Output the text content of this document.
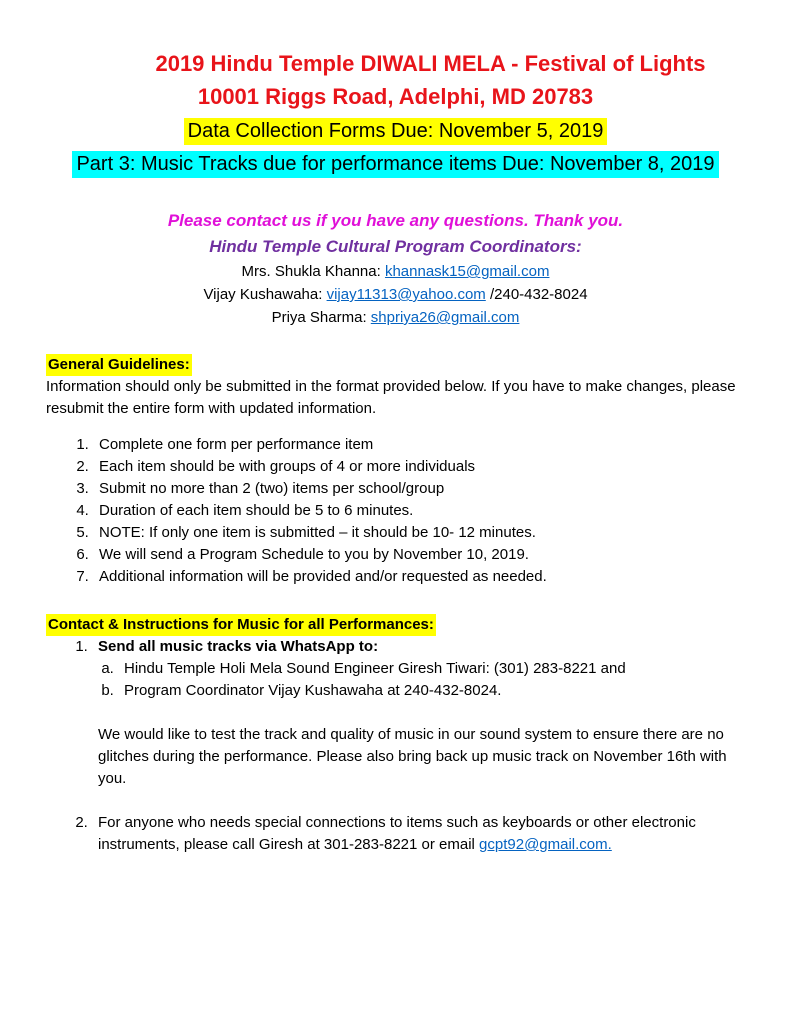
2019 Hindu Temple DIWALI MELA - Festival of Lights
10001 Riggs Road, Adelphi, MD 20783
Data Collection Forms Due: November 5, 2019
Part 3: Music Tracks due for performance items Due: November 8, 2019
Please contact us if you have any questions. Thank you.
Hindu Temple Cultural Program Coordinators:
Mrs. Shukla Khanna: khannask15@gmail.com
Vijay Kushawaha: vijay11313@yahoo.com /240-432-8024
Priya Sharma: shpriya26@gmail.com
General Guidelines:
Information should only be submitted in the format provided below. If you have to make changes, please resubmit the entire form with updated information.
1. Complete one form per performance item
2. Each item should be with groups of 4 or more individuals
3. Submit no more than 2 (two) items per school/group
4. Duration of each item should be 5 to 6 minutes.
5. NOTE: If only one item is submitted – it should be 10- 12 minutes.
6. We will send a Program Schedule to you by November 10, 2019.
7. Additional information will be provided and/or requested as needed.
Contact & Instructions for Music for all Performances:
1. Send all music tracks via WhatsApp to:
a. Hindu Temple Holi Mela Sound Engineer Giresh Tiwari: (301) 283-8221 and
b. Program Coordinator Vijay Kushawaha at 240-432-8024.
We would like to test the track and quality of music in our sound system to ensure there are no glitches during the performance. Please also bring back up music track on November 16th with you.
2. For anyone who needs special connections to items such as keyboards or other electronic instruments, please call Giresh at 301-283-8221 or email gcpt92@gmail.com.
